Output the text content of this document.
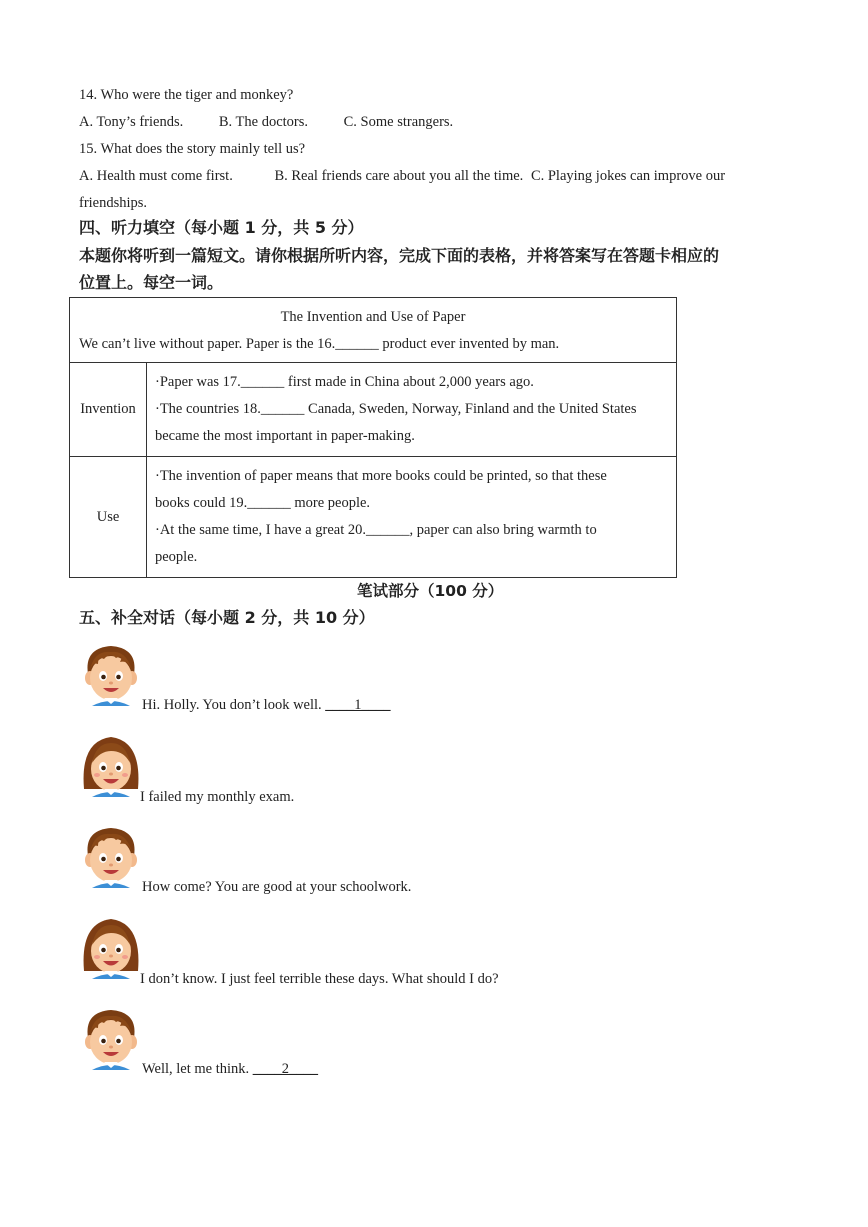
14. Who were the tiger and monkey?
A. Tony’s friends. B. The doctors. C. Some strangers.
15. What does the story mainly tell us?
A. Health must come first.	B. Real friends care about you all the time. C. Playing jokes can improve our
friendships.
四、听力填空（每小题 1 分，共 5 分）
本题你将听到一篇短文。请你根据所听内容，完成下面的表格，并将答案写在答题卡相应的
位置上。每空一词。
The Invention and Use of Paper
We can’t live without paper. Paper is the 16.______ product ever invented by man.	

Invention	·Paper was 17.______ first made in China about 2,000 years ago.
·The countries 18.______ Canada, Sweden, Norway, Finland and the United States
became the most important in paper-making.

Use	·The invention of paper means that more books could be printed, so that these
books could 19.______ more people.
·At the same time, I have a great 20.______, paper can also bring warmth to
people.
笔试部分（100 分）
五、补全对话（每小题 2 分，共 10 分）
Hi. Holly. You don’t look well. ____1____
I failed my monthly exam.
How come? You are good at your schoolwork.
I don’t know. I just feel terrible these days. What should I do?
Well, let me think. ____2____
